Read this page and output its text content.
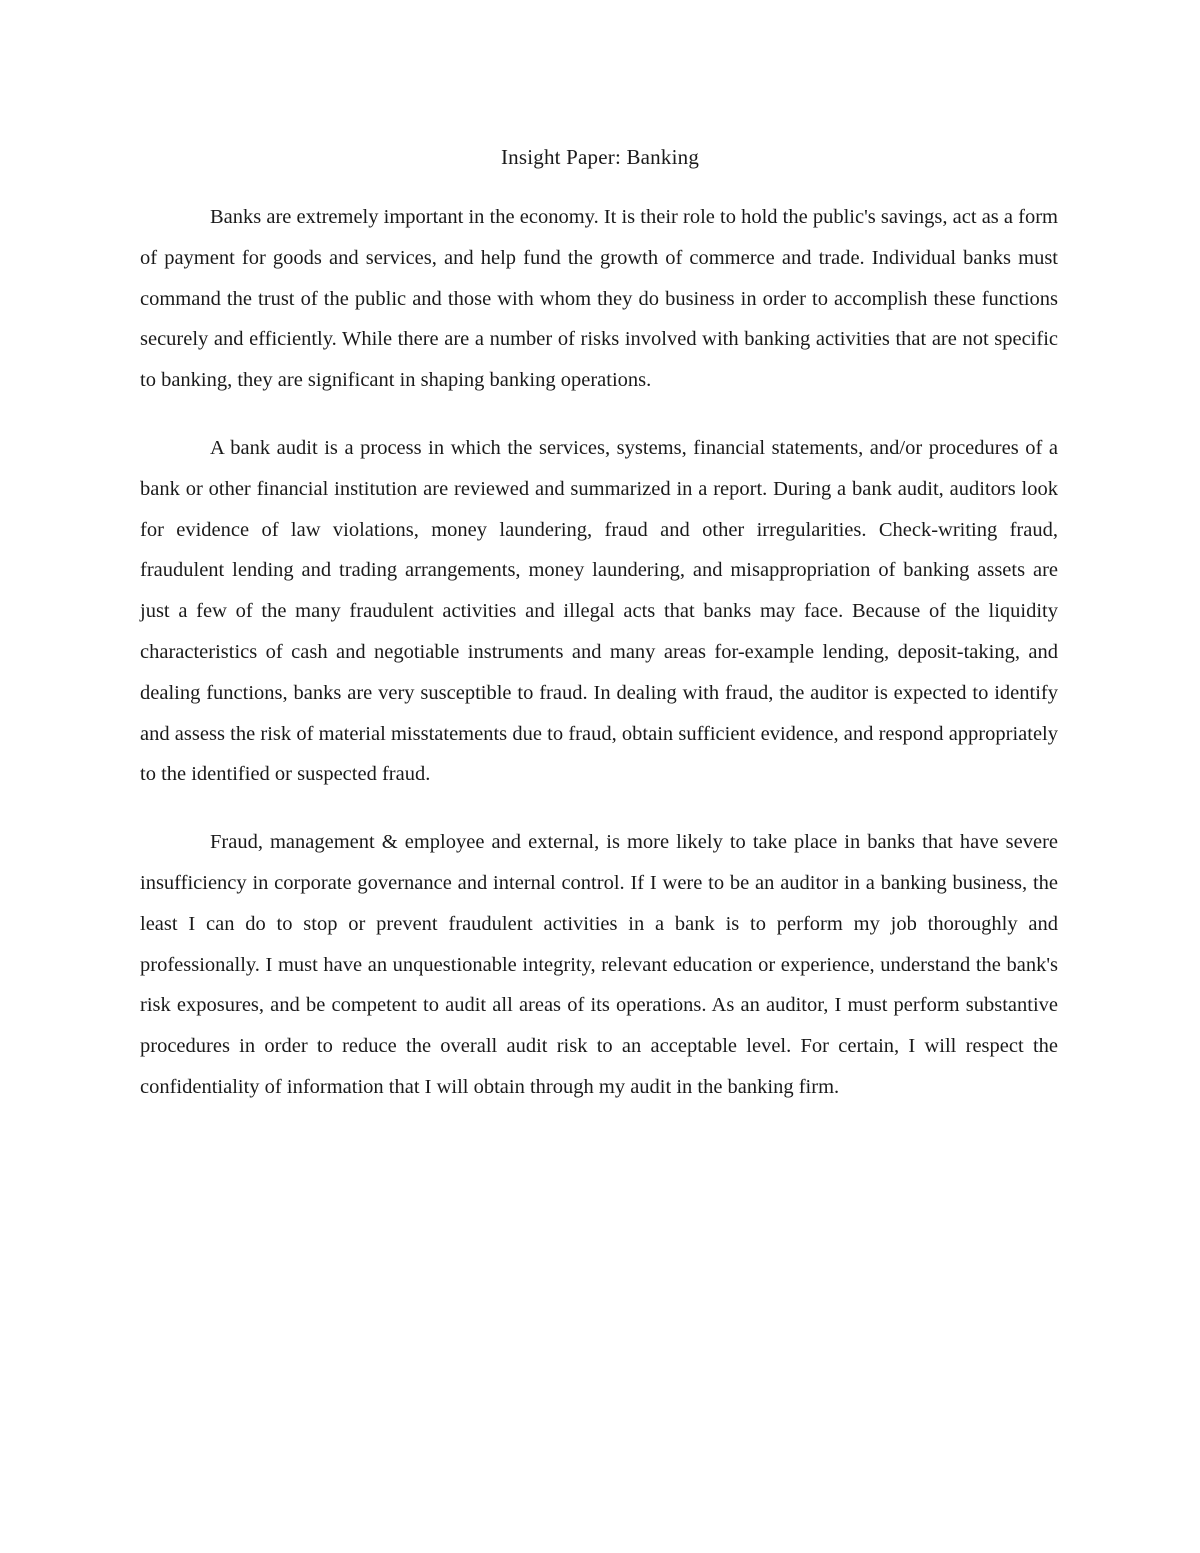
Insight Paper: Banking

Banks are extremely important in the economy. It is their role to hold the public's savings, act as a form of payment for goods and services, and help fund the growth of commerce and trade. Individual banks must command the trust of the public and those with whom they do business in order to accomplish these functions securely and efficiently. While there are a number of risks involved with banking activities that are not specific to banking, they are significant in shaping banking operations.

A bank audit is a process in which the services, systems, financial statements, and/or procedures of a bank or other financial institution are reviewed and summarized in a report. During a bank audit, auditors look for evidence of law violations, money laundering, fraud and other irregularities. Check-writing fraud, fraudulent lending and trading arrangements, money laundering, and misappropriation of banking assets are just a few of the many fraudulent activities and illegal acts that banks may face. Because of the liquidity characteristics of cash and negotiable instruments and many areas for-example lending, deposit-taking, and dealing functions, banks are very susceptible to fraud. In dealing with fraud, the auditor is expected to identify and assess the risk of material misstatements due to fraud, obtain sufficient evidence, and respond appropriately to the identified or suspected fraud.

Fraud, management & employee and external, is more likely to take place in banks that have severe insufficiency in corporate governance and internal control. If I were to be an auditor in a banking business, the least I can do to stop or prevent fraudulent activities in a bank is to perform my job thoroughly and professionally. I must have an unquestionable integrity, relevant education or experience, understand the bank's risk exposures, and be competent to audit all areas of its operations. As an auditor, I must perform substantive procedures in order to reduce the overall audit risk to an acceptable level. For certain, I will respect the confidentiality of information that I will obtain through my audit in the banking firm.
